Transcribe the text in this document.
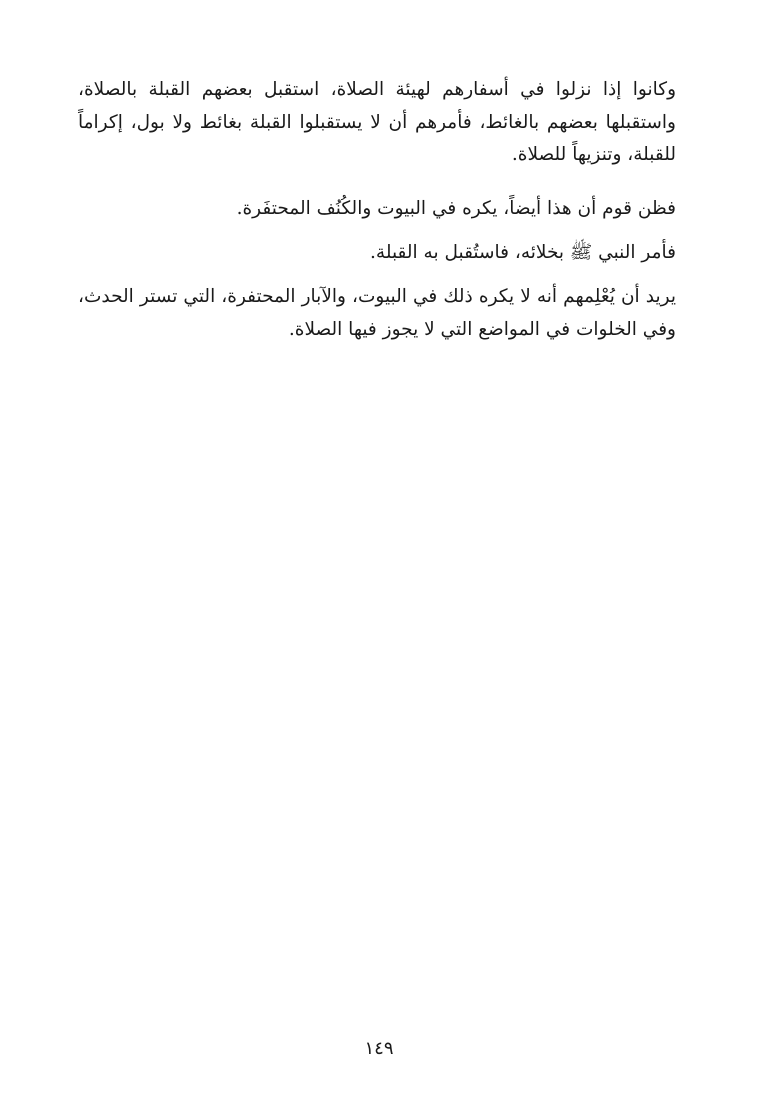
وكانوا إذا نزلوا في أسفارهم لهيئة الصلاة، استقبل بعضهم القبلة بالصلاة، واستقبلها بعضهم بالغائط، فأمرهم أن لا يستقبلوا القبلة بغائط ولا بول، إكراماً للقبلة، وتنزيهاً للصلاة.

فظن قوم أن هذا أيضاً، يكره في البيوت والكُنُف المحتفَرة.

فأمر النبي ﷺ بخلائه، فاستُقبل به القبلة.

يريد أن يُعْلِمهم أنه لا يكره ذلك في البيوت، والآبار المحتفرة، التي تستر الحدث، وفي الخلوات في المواضع التي لا يجوز فيها الصلاة.

١٤٩
